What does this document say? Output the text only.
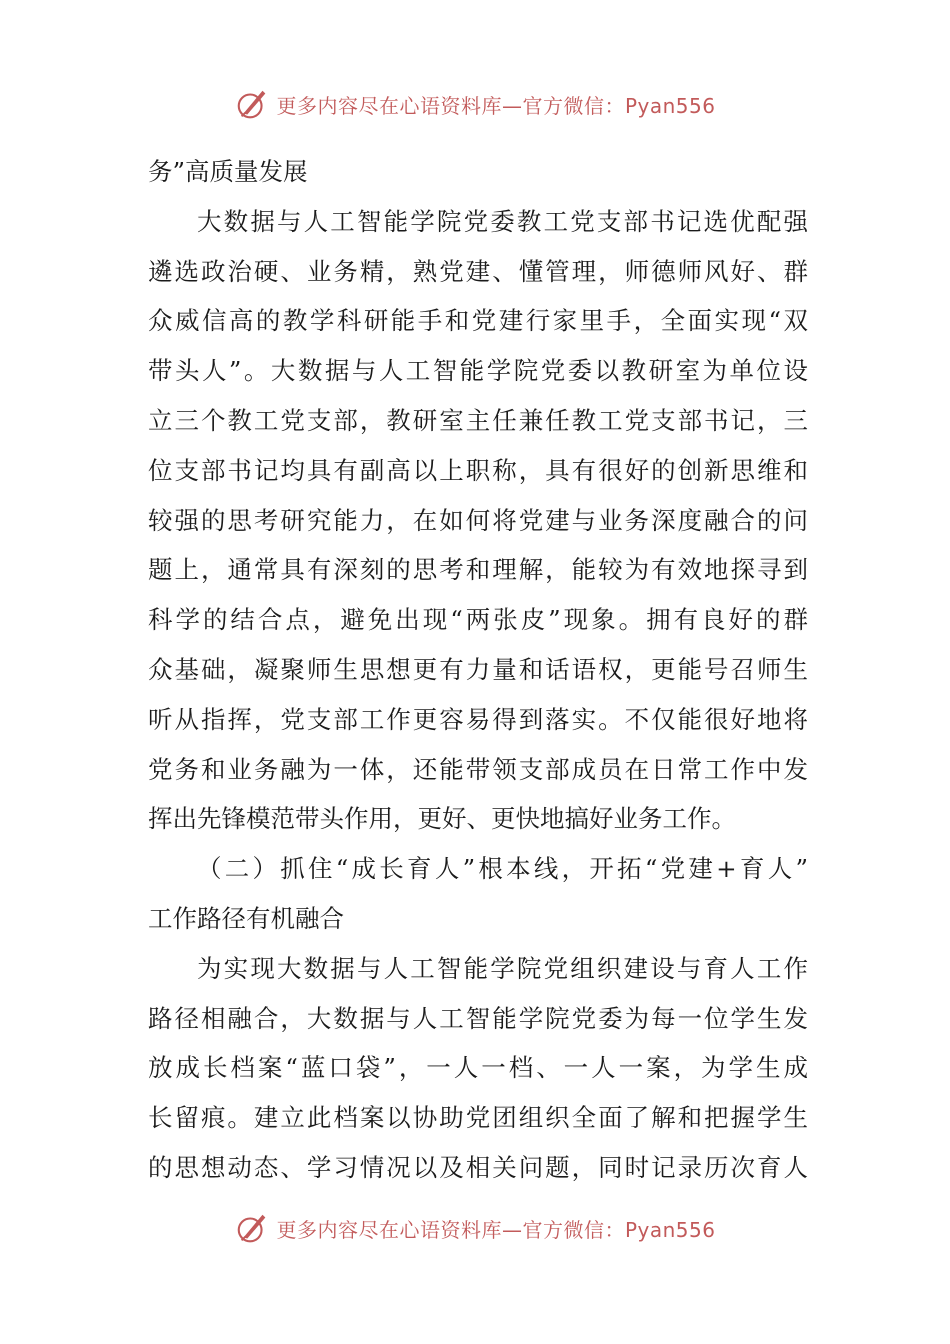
更多内容尽在心语资料库—官方微信：Pyan556
务”高质量发展
大数据与人工智能学院党委教工党支部书记选优配强
遴选政治硬、业务精，熟党建、懂管理，师德师风好、群
众威信高的教学科研能手和党建行家里手，全面实现“双
带头人”。大数据与人工智能学院党委以教研室为单位设
立三个教工党支部，教研室主任兼任教工党支部书记，三
位支部书记均具有副高以上职称，具有很好的创新思维和
较强的思考研究能力，在如何将党建与业务深度融合的问
题上，通常具有深刻的思考和理解，能较为有效地探寻到
科学的结合点，避免出现“两张皮”现象。拥有良好的群
众基础，凝聚师生思想更有力量和话语权，更能号召师生
听从指挥，党支部工作更容易得到落实。不仅能很好地将
党务和业务融为一体，还能带领支部成员在日常工作中发
挥出先锋模范带头作用，更好、更快地搞好业务工作。
（二）抓住“成长育人”根本线，开拓“党建+育人”
工作路径有机融合
为实现大数据与人工智能学院党组织建设与育人工作
路径相融合，大数据与人工智能学院党委为每一位学生发
放成长档案“蓝口袋”，一人一档、一人一案，为学生成
长留痕。建立此档案以协助党团组织全面了解和把握学生
的思想动态、学习情况以及相关问题，同时记录历次育人
更多内容尽在心语资料库—官方微信：Pyan556
